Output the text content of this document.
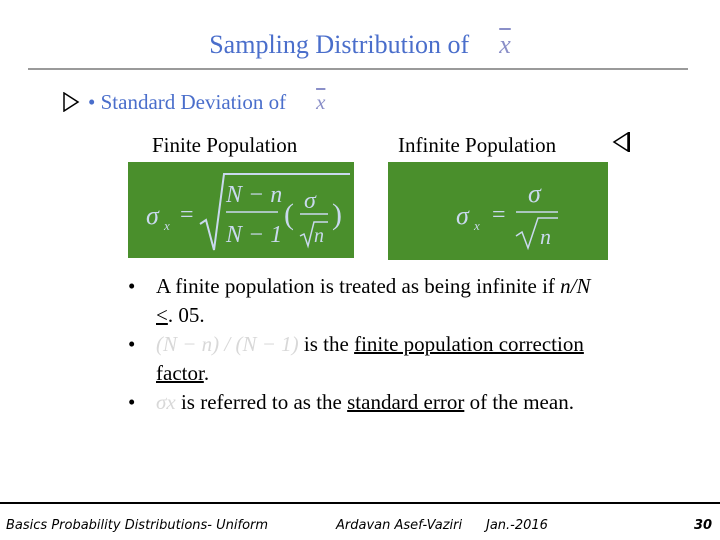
Sampling Distribution of $\overline{x}$
• Standard Deviation of $\overline{x}$
Finite Population	Infinite Population
σ x =
N − n
N − 1
( σ
n
)	σ x =
σ
n
• A finite population is treated as being infinite if n/N <. 05.
• (N − n) / (N − 1) is the finite population correction factor.
• σx is referred to as the standard error of the mean.
Basics Probability Distributions- Uniform	Ardavan Asef-Vaziri Jan.-2016	30
